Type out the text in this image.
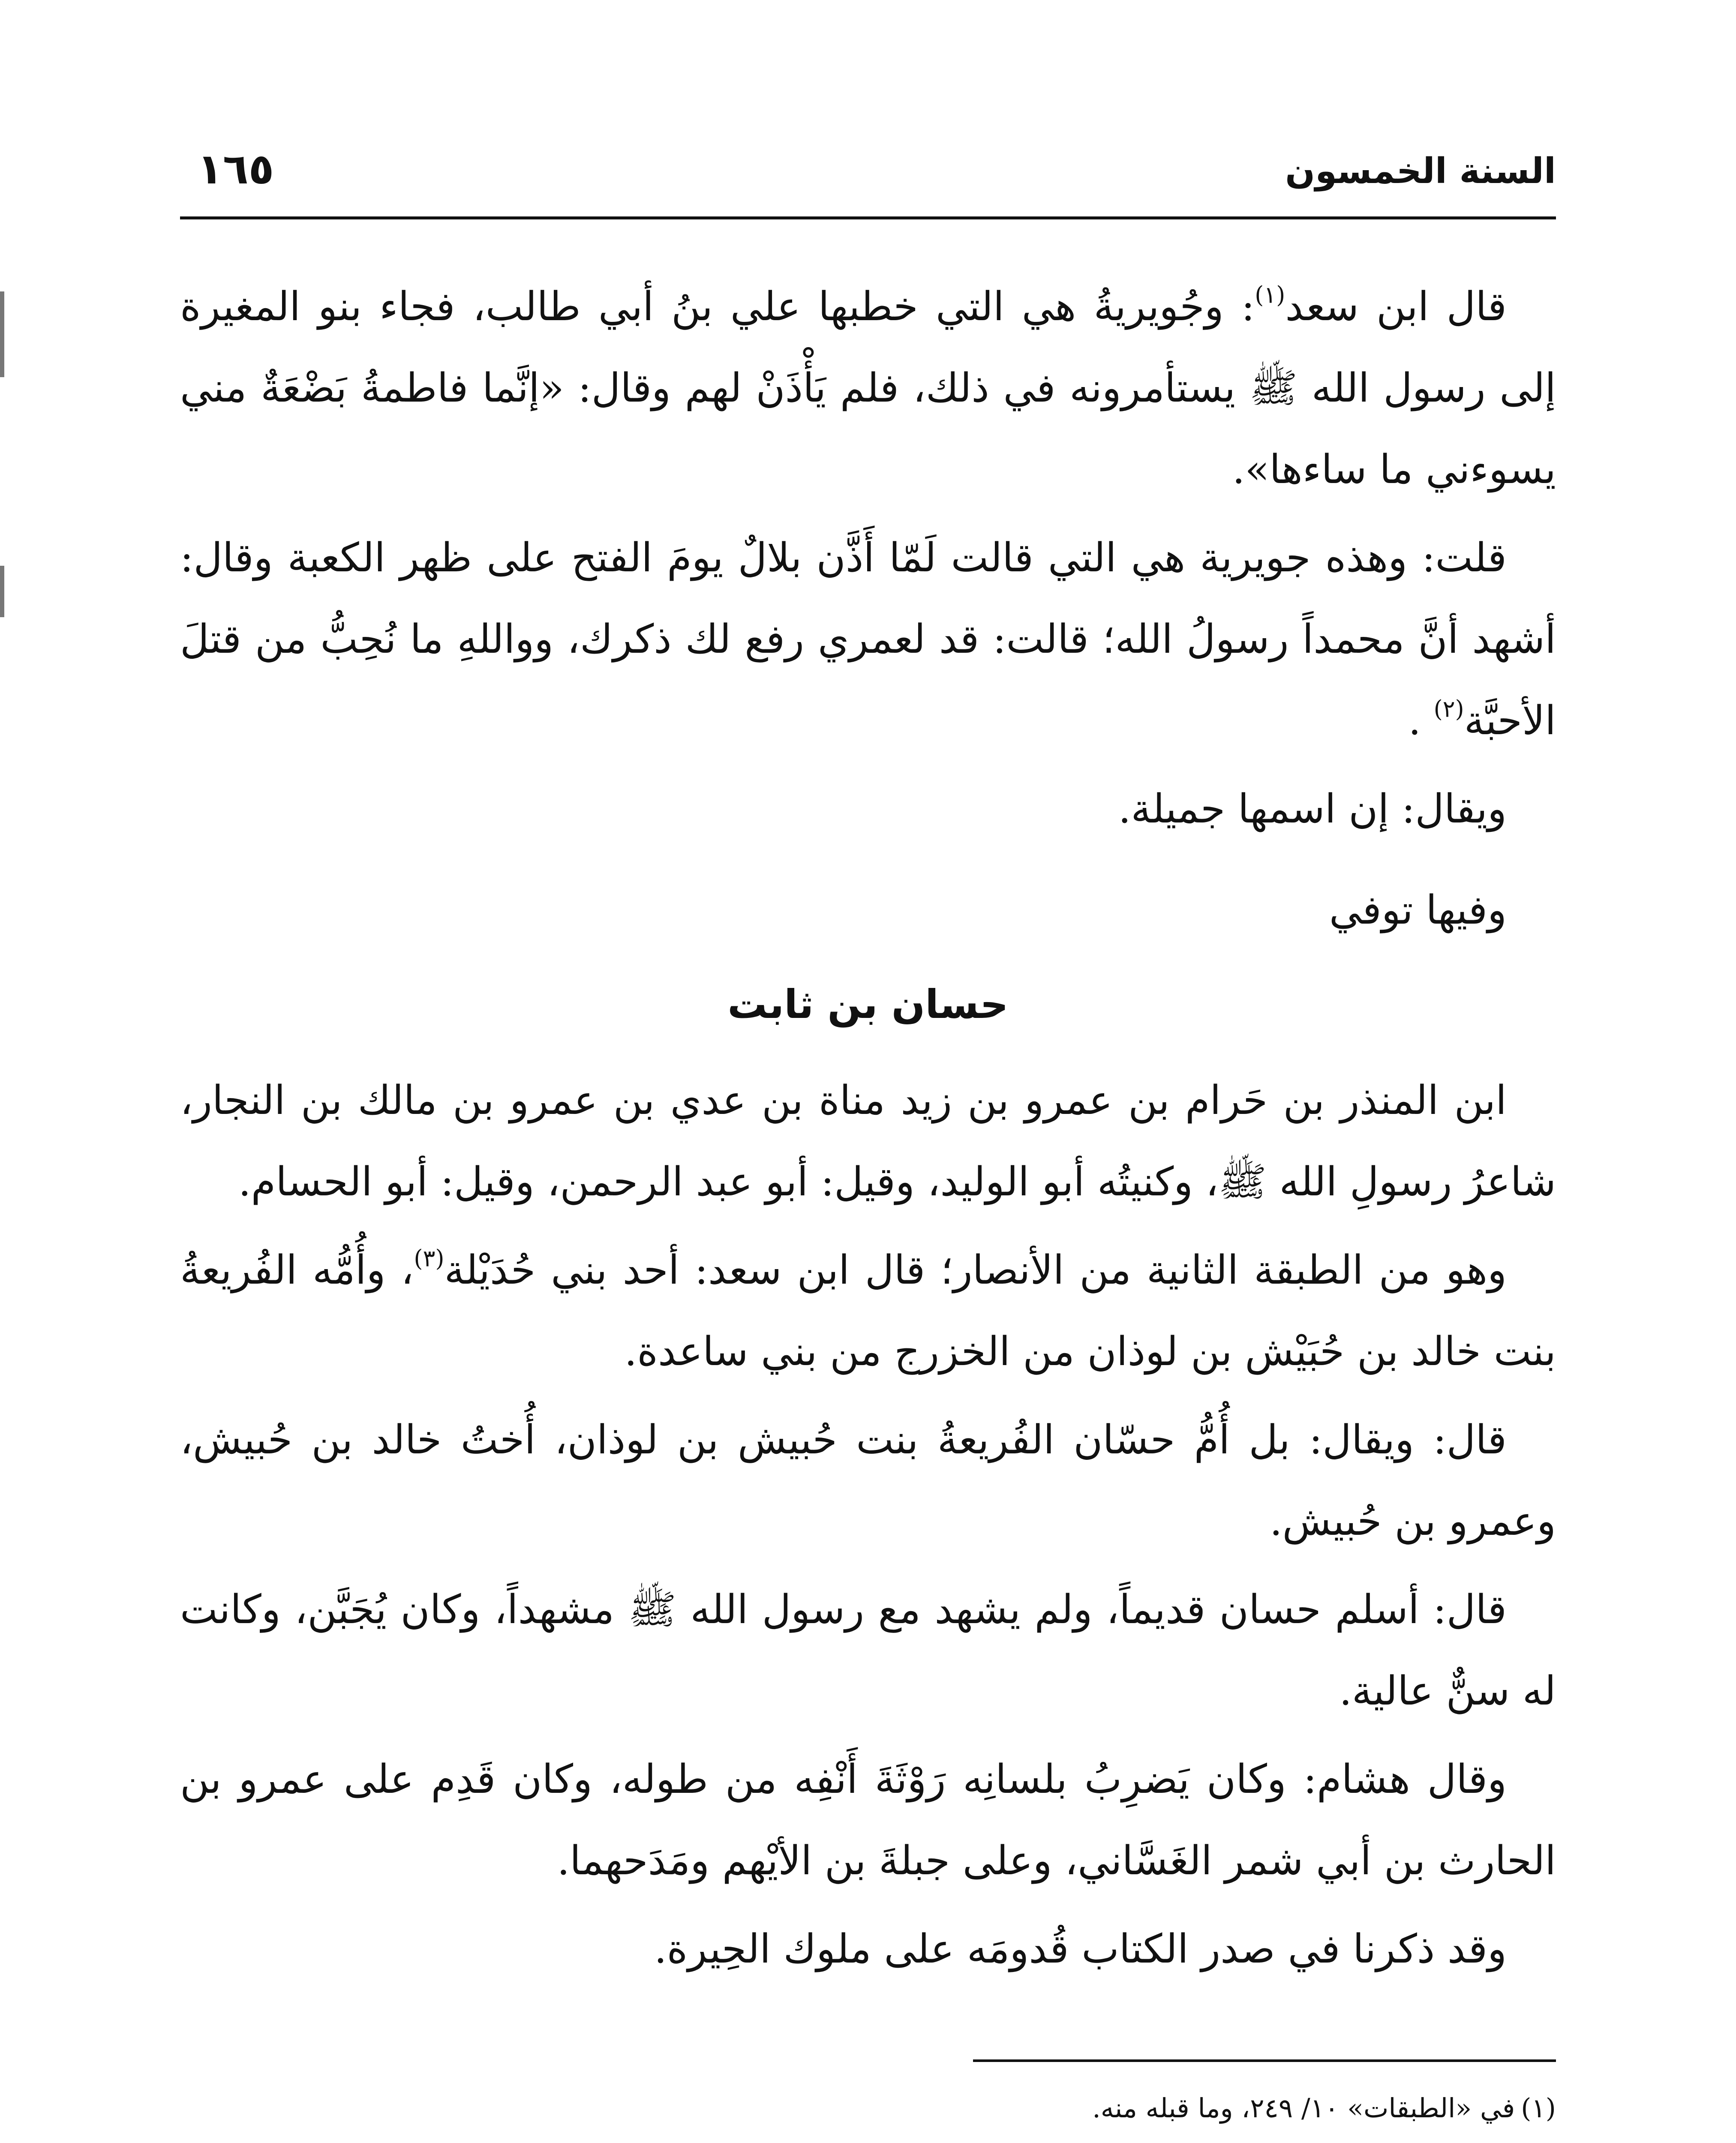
السنة الخمسون
١٦٥

قال ابن سعد$^{(١)}$: وجُويريةُ هي التي خطبها علي بنُ أبي طالب، فجاء بنو المغيرة إلى رسول الله ﷺ يستأمرونه في ذلك، فلم يَأْذَنْ لهم وقال: «إنَّما فاطمةُ بَضْعَةٌ مني يسوءني ما ساءها».

قلت: وهذه جويرية هي التي قالت لَمّا أَذَّن بلالٌ يومَ الفتح على ظهر الكعبة وقال: أشهد أنَّ محمداً رسولُ الله؛ قالت: قد لعمري رفع لك ذكرك، وواللهِ ما نُحِبُّ من قتلَ الأحبَّة$^{(٢)}$ .

ويقال: إن اسمها جميلة.

وفيها توفي

حسان بن ثابت

ابن المنذر بن حَرام بن عمرو بن زيد مناة بن عدي بن عمرو بن مالك بن النجار، شاعرُ رسولِ الله ﷺ، وكنيتُه أبو الوليد، وقيل: أبو عبد الرحمن، وقيل: أبو الحسام.

وهو من الطبقة الثانية من الأنصار؛ قال ابن سعد: أحد بني حُدَيْلة$^{(٣)}$، وأُمُّه الفُريعةُ بنت خالد بن حُبَيْش بن لوذان من الخزرج من بني ساعدة.

قال: ويقال: بل أُمُّ حسّان الفُريعةُ بنت حُبيش بن لوذان، أُختُ خالد بن حُبيش، وعمرو بن حُبيش.

قال: أسلم حسان قديماً، ولم يشهد مع رسول الله ﷺ مشهداً، وكان يُجَبَّن، وكانت له سنٌّ عالية.

وقال هشام: وكان يَضرِبُ بلسانِه رَوْثَةَ أَنْفِه من طوله، وكان قَدِم على عمرو بن الحارث بن أبي شمر الغَسَّاني، وعلى جبلةَ بن الأيْهم ومَدَحهما.

وقد ذكرنا في صدر الكتاب قُدومَه على ملوك الحِيرة.

(١)في «الطبقات» ١٠/ ٢٤٩، وما قبله منه.
